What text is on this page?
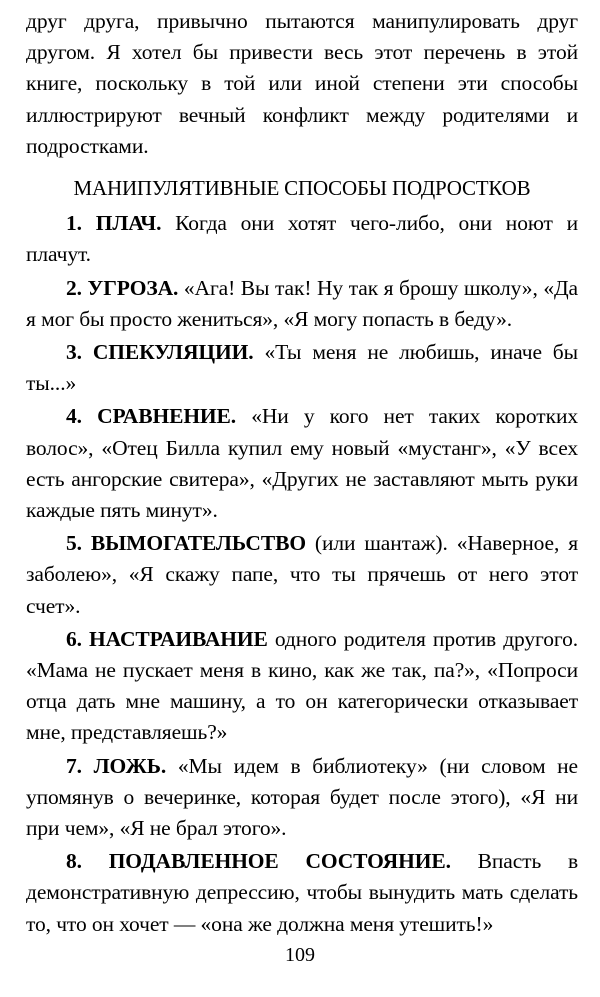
друг друга, привычно пытаются манипулировать друг другом. Я хотел бы привести весь этот перечень в этой книге, поскольку в той или иной степени эти способы иллюстрируют вечный конфликт между родителями и подростками.

МАНИПУЛЯТИВНЫЕ СПОСОБЫ ПОДРОСТКОВ

1. ПЛАЧ. Когда они хотят чего-либо, они ноют и плачут.

2. УГРОЗА. «Ага! Вы так! Ну так я брошу школу», «Да я мог бы просто жениться», «Я могу попасть в беду».

3. СПЕКУЛЯЦИИ. «Ты меня не любишь, иначе бы ты...»

4. СРАВНЕНИЕ. «Ни у кого нет таких коротких волос», «Отец Билла купил ему новый «мустанг», «У всех есть ангорские свитера», «Других не заставляют мыть руки каждые пять минут».

5. ВЫМОГАТЕЛЬСТВО (или шантаж). «Наверное, я заболею», «Я скажу папе, что ты прячешь от него этот счет».

6. НАСТРАИВАНИЕ одного родителя против другого. «Мама не пускает меня в кино, как же так, па?», «Попроси отца дать мне машину, а то он категорически отказывает мне, представляешь?»

7. ЛОЖЬ. «Мы идем в библиотеку» (ни словом не упомянув о вечеринке, которая будет после этого), «Я ни при чем», «Я не брал этого».

8. ПОДАВЛЕННОЕ СОСТОЯНИЕ. Впасть в демонстративную депрессию, чтобы вынудить мать сделать то, что он хочет — «она же должна меня утешить!»

109
